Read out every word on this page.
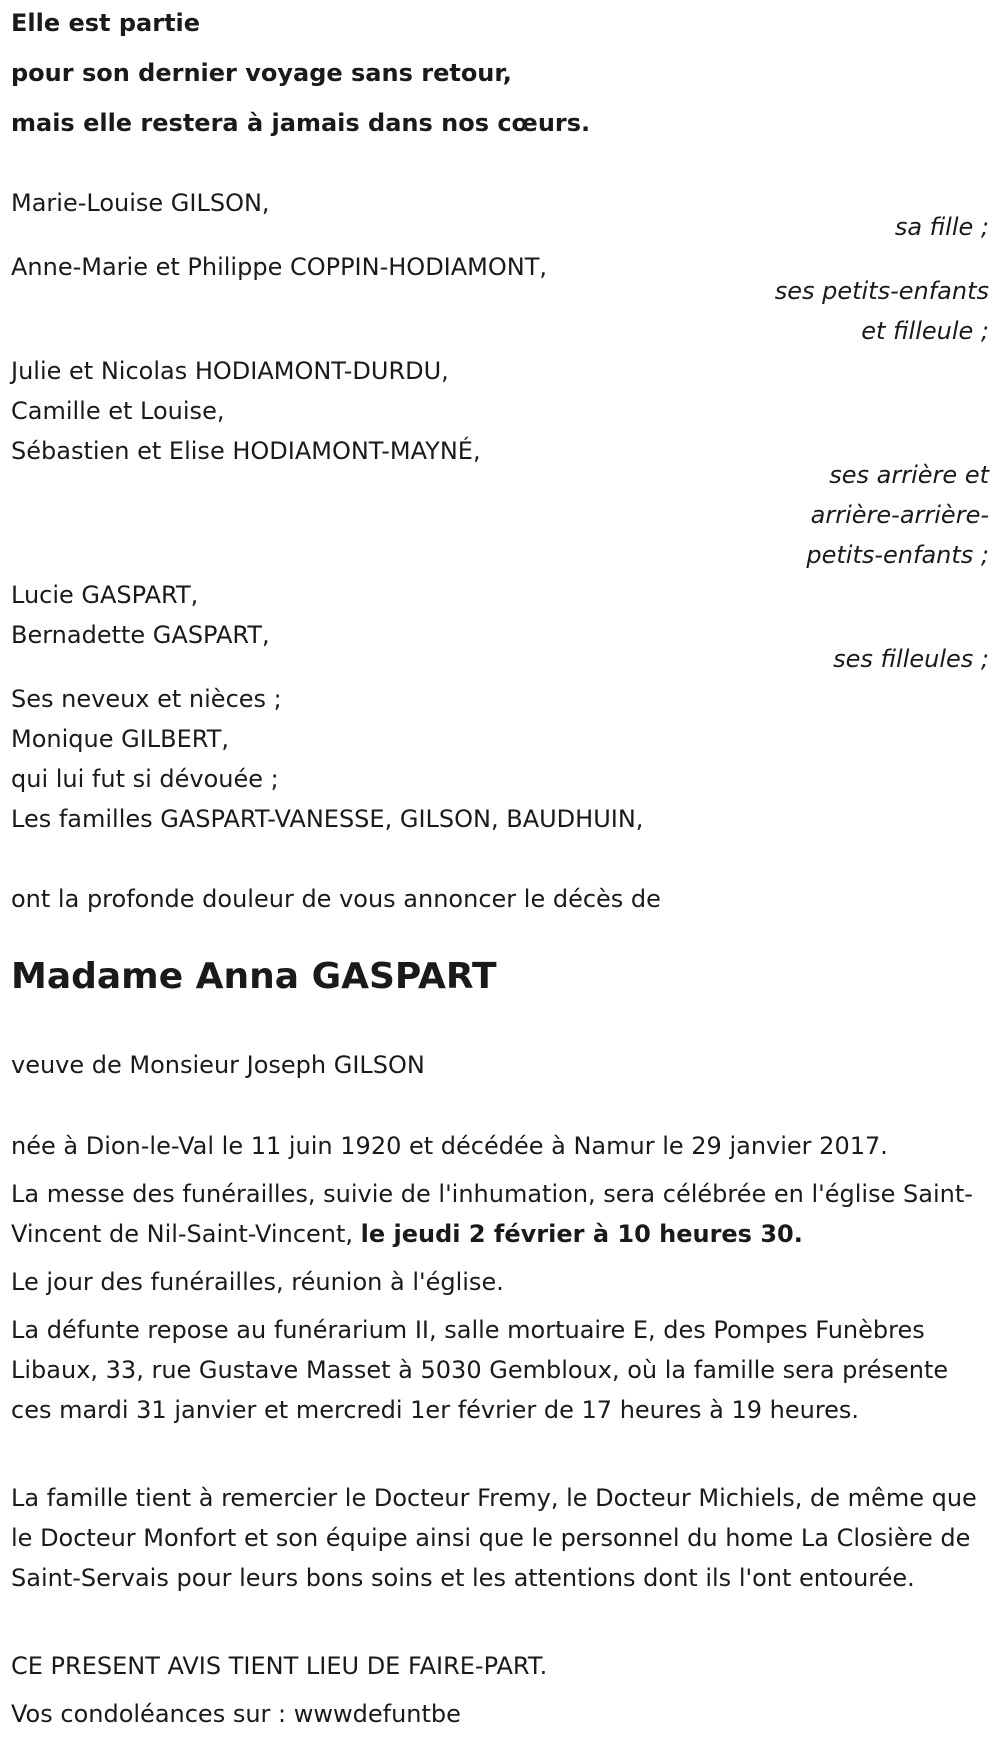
Elle est partie
pour son dernier voyage sans retour,
mais elle restera à jamais dans nos cœurs.
Marie-Louise GILSON,
sa fille ;
Anne-Marie et Philippe COPPIN-HODIAMONT,
ses petits-enfants
et filleule ;
Julie et Nicolas HODIAMONT-DURDU,
Camille et Louise,
Sébastien et Elise HODIAMONT-MAYNÉ,
ses arrière et
arrière-arrière-
petits-enfants ;
Lucie GASPART,
Bernadette GASPART,
ses filleules ;
Ses neveux et nièces ;
Monique GILBERT,
qui lui fut si dévouée ;
Les familles GASPART-VANESSE, GILSON, BAUDHUIN,
ont la profonde douleur de vous annoncer le décès de
Madame Anna GASPART
veuve de Monsieur Joseph GILSON
née à Dion-le-Val le 11 juin 1920 et décédée à Namur le 29 janvier 2017.
La messe des funérailles, suivie de l'inhumation, sera célébrée en l'église Saint-Vincent de Nil-Saint-Vincent, le jeudi 2 février à 10 heures 30.
Le jour des funérailles, réunion à l'église.
La défunte repose au funérarium II, salle mortuaire E, des Pompes Funèbres Libaux, 33, rue Gustave Masset à 5030 Gembloux, où la famille sera présente ces mardi 31 janvier et mercredi 1er février de 17 heures à 19 heures.
La famille tient à remercier le Docteur Fremy, le Docteur Michiels, de même que le Docteur Monfort et son équipe ainsi que le personnel du home La Closière de Saint-Servais pour leurs bons soins et les attentions dont ils l'ont entourée.
CE PRESENT AVIS TIENT LIEU DE FAIRE-PART.
Vos condoléances sur : wwwdefuntbe
